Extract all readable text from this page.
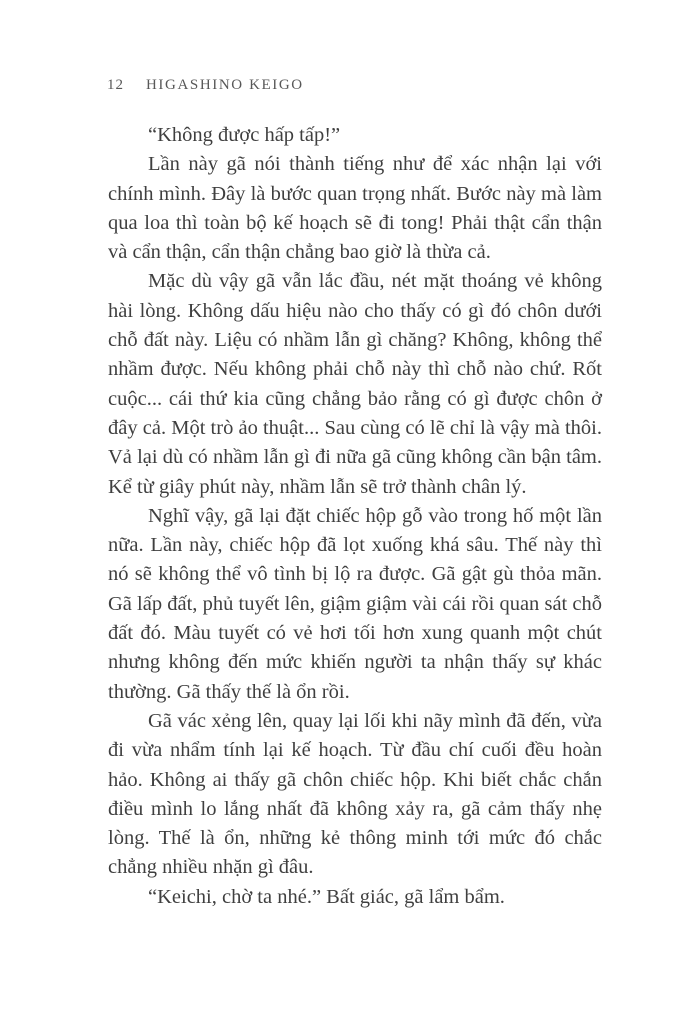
12 HIGASHINO KEIGO

“Không được hấp tấp!”

Lần này gã nói thành tiếng như để xác nhận lại với chính mình. Đây là bước quan trọng nhất. Bước này mà làm qua loa thì toàn bộ kế hoạch sẽ đi tong! Phải thật cẩn thận và cẩn thận, cẩn thận chẳng bao giờ là thừa cả.

Mặc dù vậy gã vẫn lắc đầu, nét mặt thoáng vẻ không hài lòng. Không dấu hiệu nào cho thấy có gì đó chôn dưới chỗ đất này. Liệu có nhầm lẫn gì chăng? Không, không thể nhầm được. Nếu không phải chỗ này thì chỗ nào chứ. Rốt cuộc... cái thứ kia cũng chẳng bảo rằng có gì được chôn ở đây cả. Một trò ảo thuật... Sau cùng có lẽ chỉ là vậy mà thôi. Vả lại dù có nhầm lẫn gì đi nữa gã cũng không cần bận tâm. Kể từ giây phút này, nhầm lẫn sẽ trở thành chân lý.

Nghĩ vậy, gã lại đặt chiếc hộp gỗ vào trong hố một lần nữa. Lần này, chiếc hộp đã lọt xuống khá sâu. Thế này thì nó sẽ không thể vô tình bị lộ ra được. Gã gật gù thỏa mãn. Gã lấp đất, phủ tuyết lên, giậm giậm vài cái rồi quan sát chỗ đất đó. Màu tuyết có vẻ hơi tối hơn xung quanh một chút nhưng không đến mức khiến người ta nhận thấy sự khác thường. Gã thấy thế là ổn rồi.

Gã vác xẻng lên, quay lại lối khi nãy mình đã đến, vừa đi vừa nhẩm tính lại kế hoạch. Từ đầu chí cuối đều hoàn hảo. Không ai thấy gã chôn chiếc hộp. Khi biết chắc chắn điều mình lo lắng nhất đã không xảy ra, gã cảm thấy nhẹ lòng. Thế là ổn, những kẻ thông minh tới mức đó chắc chẳng nhiều nhặn gì đâu.

“Keichi, chờ ta nhé.” Bất giác, gã lẩm bẩm.
